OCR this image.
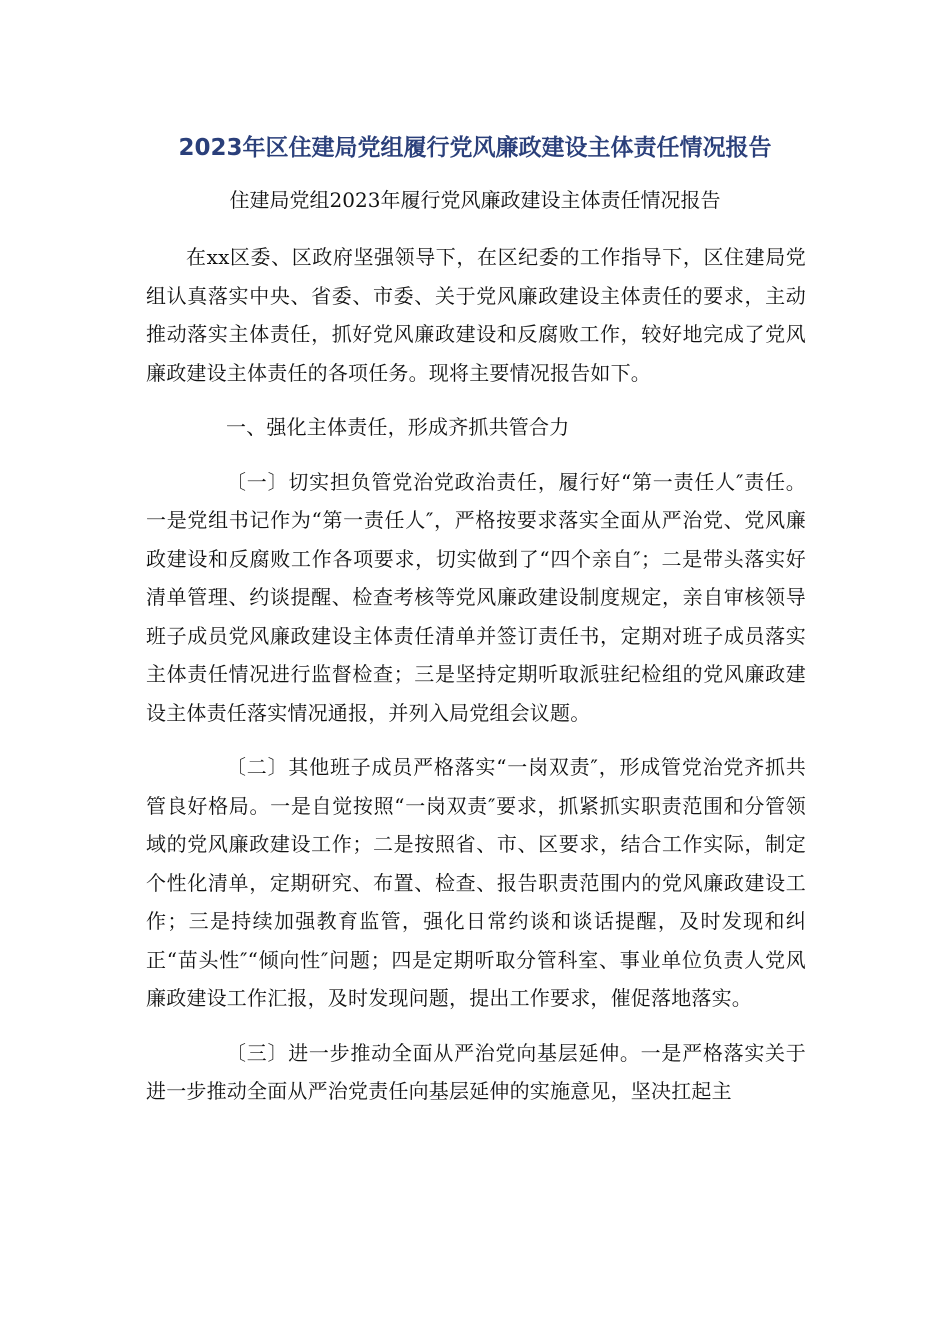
2023年区住建局党组履行党风廉政建设主体责任情况报告

住建局党组2023年履行党风廉政建设主体责任情况报告

在xx区委、区政府坚强领导下，在区纪委的工作指导下，区住建局党组认真落实中央、省委、市委、关于党风廉政建设主体责任的要求，主动推动落实主体责任，抓好党风廉政建设和反腐败工作，较好地完成了党风廉政建设主体责任的各项任务。现将主要情况报告如下。

一、强化主体责任，形成齐抓共管合力

〔一〕切实担负管党治党政治责任，履行好“第一责任人″责任。一是党组书记作为“第一责任人″，严格按要求落实全面从严治党、党风廉政建设和反腐败工作各项要求，切实做到了“四个亲自″；二是带头落实好清单管理、约谈提醒、检查考核等党风廉政建设制度规定，亲自审核领导班子成员党风廉政建设主体责任清单并签订责任书，定期对班子成员落实主体责任情况进行监督检查；三是坚持定期听取派驻纪检组的党风廉政建设主体责任落实情况通报，并列入局党组会议题。

〔二〕其他班子成员严格落实“一岗双责″，形成管党治党齐抓共管良好格局。一是自觉按照“一岗双责″要求，抓紧抓实职责范围和分管领域的党风廉政建设工作；二是按照省、市、区要求，结合工作实际，制定个性化清单，定期研究、布置、检查、报告职责范围内的党风廉政建设工作；三是持续加强教育监管，强化日常约谈和谈话提醒，及时发现和纠正“苗头性″“倾向性″问题；四是定期听取分管科室、事业单位负责人党风廉政建设工作汇报，及时发现问题，提出工作要求，催促落地落实。

〔三〕进一步推动全面从严治党向基层延伸。一是严格落实关于进一步推动全面从严治党责任向基层延伸的实施意见，坚决扛起主
